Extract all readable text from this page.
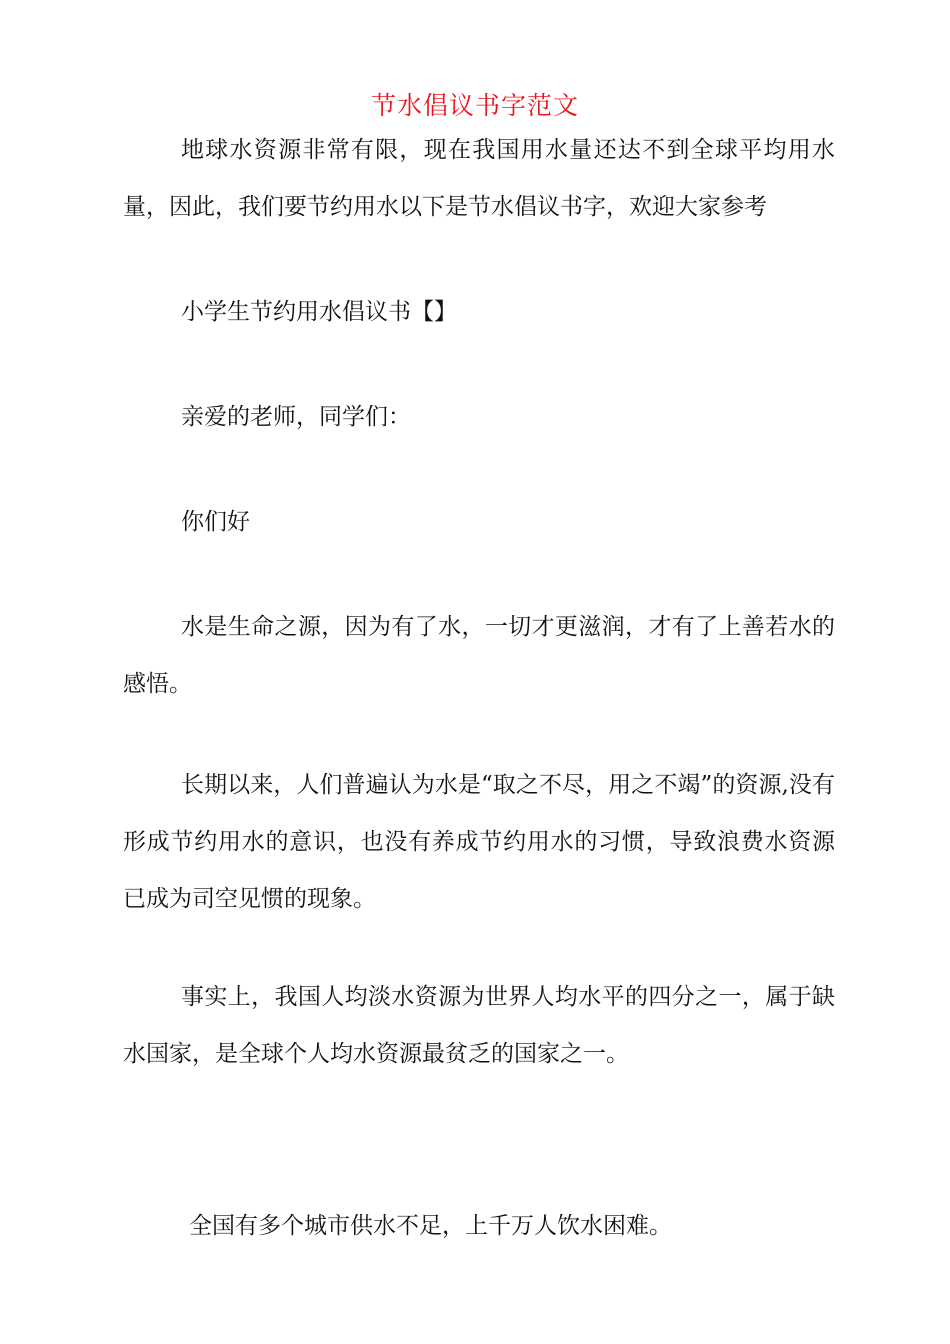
节水倡议书字范文
地球水资源非常有限，现在我国用水量还达不到全球平均用水量，因此，我们要节约用水以下是节水倡议书字，欢迎大家参考
小学生节约用水倡议书【】
亲爱的老师，同学们：
你们好
水是生命之源，因为有了水，一切才更滋润，才有了上善若水的感悟。
长期以来，人们普遍认为水是“取之不尽，用之不竭”的资源,没有形成节约用水的意识，也没有养成节约用水的习惯，导致浪费水资源已成为司空见惯的现象。
事实上，我国人均淡水资源为世界人均水平的四分之一，属于缺水国家，是全球个人均水资源最贫乏的国家之一。
全国有多个城市供水不足，上千万人饮水困难。
